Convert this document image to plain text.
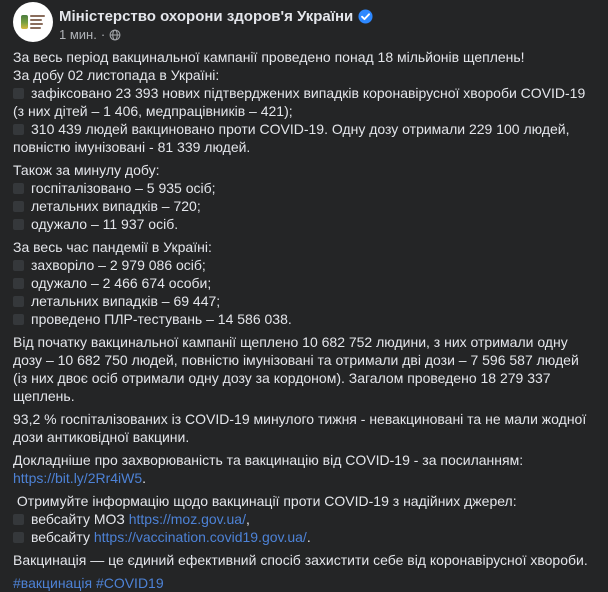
Міністерство охорони здоров'я України
1 мин. ·

За весь період вакцинальної кампанії проведено понад 18 мільйонів щеплень!
За добу 02 листопада в Україні:
зафіксовано 23 393 нових підтверджених випадків коронавірусної хвороби COVID-19 (з них дітей – 1 406, медпрацівників – 421);
310 439 людей вакциновано проти COVID-19. Одну дозу отримали 229 100 людей, повністю імунізовані - 81 339 людей.

Також за минулу добу:
госпіталізовано – 5 935 осіб;
летальних випадків – 720;
одужало – 11 937 осіб.

За весь час пандемії в Україні:
захворіло – 2 979 086 осіб;
одужало – 2 466 674 особи;
летальних випадків – 69 447;
проведено ПЛР-тестувань – 14 586 038.

Від початку вакцинальної кампанії щеплено 10 682 752 людини, з них отримали одну дозу – 10 682 750 людей, повністю імунізовані та отримали дві дози – 7 596 587 людей (із них двоє осіб отримали одну дозу за кордоном). Загалом проведено 18 279 337 щеплень.

93,2 % госпіталізованих із COVID-19 минулого тижня - невакциновані та не мали жодної дози антиковідної вакцини.

Докладніше про захворюваність та вакцинацію від COVID-19 - за посиланням:
https://bit.ly/2Rr4iW5.

Отримуйте інформацію щодо вакцинації проти COVID-19 з надійних джерел:
вебсайту МОЗ https://moz.gov.ua/,
вебсайту https://vaccination.covid19.gov.ua/.

Вакцинація — це єдиний ефективний спосіб захистити себе від коронавірусної хвороби.

#вакцинація #COVID19
